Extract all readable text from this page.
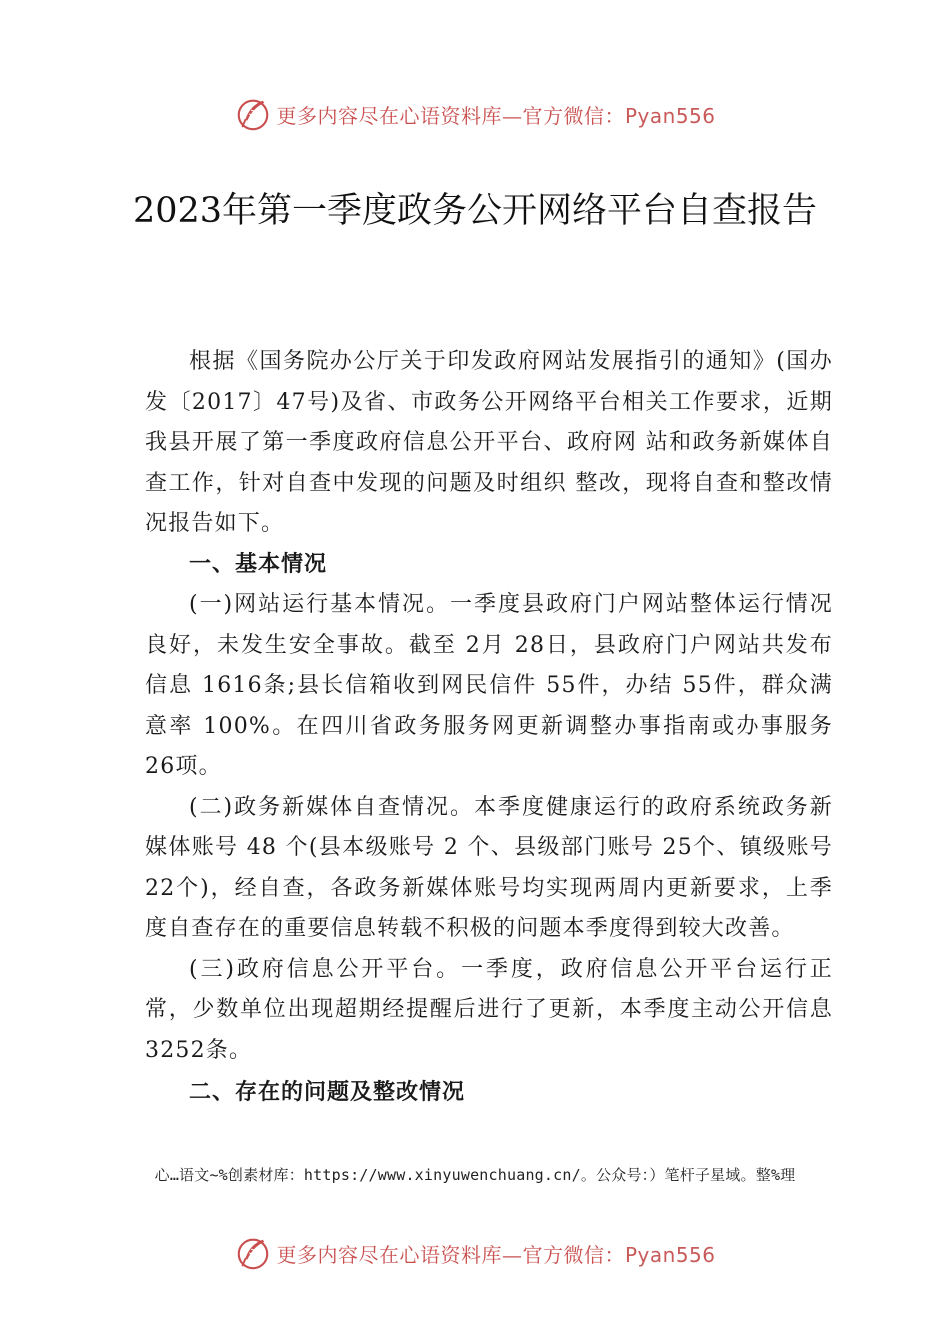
更多内容尽在心语资料库—官方微信：Pyan556
2023年第一季度政务公开网络平台自查报告

根据《国务院办公厅关于印发政府网站发展指引的通知》(国办发〔2017〕47号)及省、市政务公开网络平台相关工作要求，近期我县开展了第一季度政府信息公开平台、政府网 站和政务新媒体自查工作，针对自查中发现的问题及时组织 整改，现将自查和整改情况报告如下。

一、基本情况

(一)网站运行基本情况。一季度县政府门户网站整体运行情况良好，未发生安全事故。截至 2月 28日，县政府门户网站共发布信息 1616条;县长信箱收到网民信件 55件，办结 55件，群众满意率 100%。在四川省政务服务网更新调整办事指南或办事服务 26项。

(二)政务新媒体自查情况。本季度健康运行的政府系统政务新媒体账号 48 个(县本级账号 2 个、县级部门账号 25个、镇级账号 22个)，经自查，各政务新媒体账号均实现两周内更新要求，上季度自查存在的重要信息转载不积极的问题本季度得到较大改善。

(三)政府信息公开平台。一季度，政府信息公开平台运行正常，少数单位出现超期经提醒后进行了更新，本季度主动公开信息 3252条。

二、存在的问题及整改情况

心…语文~%创素材库：https://www.xinyuwenchuang.cn/。公众号：）笔杆子星域。整%理
更多内容尽在心语资料库—官方微信：Pyan556
